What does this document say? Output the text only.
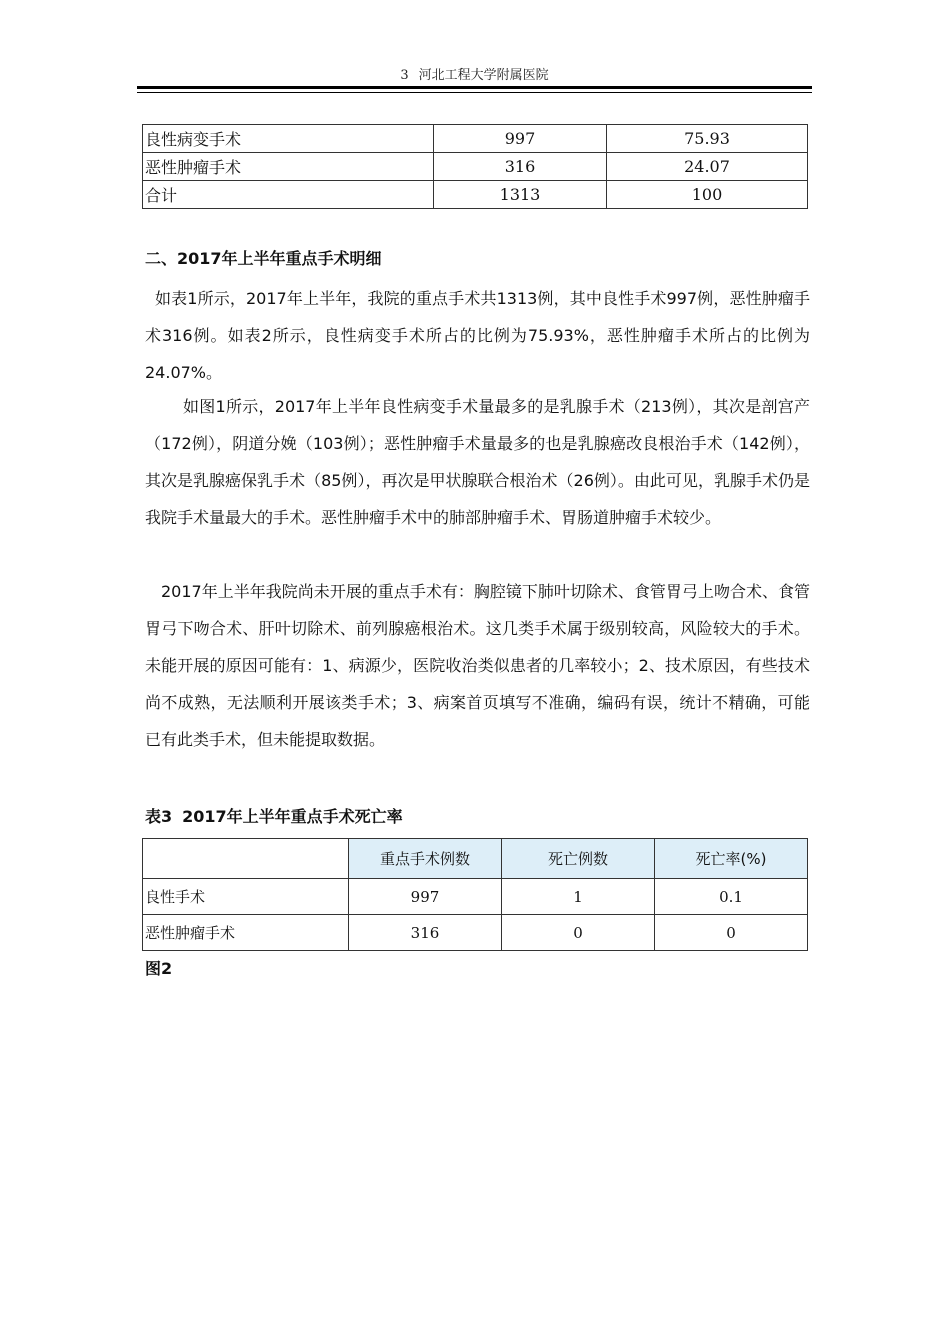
3 河北工程大学附属医院
良性病变手术	997	75.93
恶性肿瘤手术	316	24.07
合计	1313	100
二、2017年上半年重点手术明细
如表1所示，2017年上半年，我院的重点手术共1313例，其中良性手术997例，恶性肿瘤手术316例。如表2所示，良性病变手术所占的比例为75.93%，恶性肿瘤手术所占的比例为24.07%。
如图1所示，2017年上半年良性病变手术量最多的是乳腺手术（213例），其次是剖宫产（172例），阴道分娩（103例）；恶性肿瘤手术量最多的也是乳腺癌改良根治手术（142例），其次是乳腺癌保乳手术（85例），再次是甲状腺联合根治术（26例）。由此可见，乳腺手术仍是我院手术量最大的手术。恶性肿瘤手术中的肺部肿瘤手术、胃肠道肿瘤手术较少。
2017年上半年我院尚未开展的重点手术有：胸腔镜下肺叶切除术、食管胃弓上吻合术、食管胃弓下吻合术、肝叶切除术、前列腺癌根治术。这几类手术属于级别较高，风险较大的手术。未能开展的原因可能有：1、病源少，医院收治类似患者的几率较小；2、技术原因，有些技术尚不成熟，无法顺利开展该类手术；3、病案首页填写不准确，编码有误，统计不精确，可能已有此类手术，但未能提取数据。
表3 2017年上半年重点手术死亡率
	重点手术例数	死亡例数	死亡率(%)
良性手术	997	1	0.1
恶性肿瘤手术	316	0	0
图2
